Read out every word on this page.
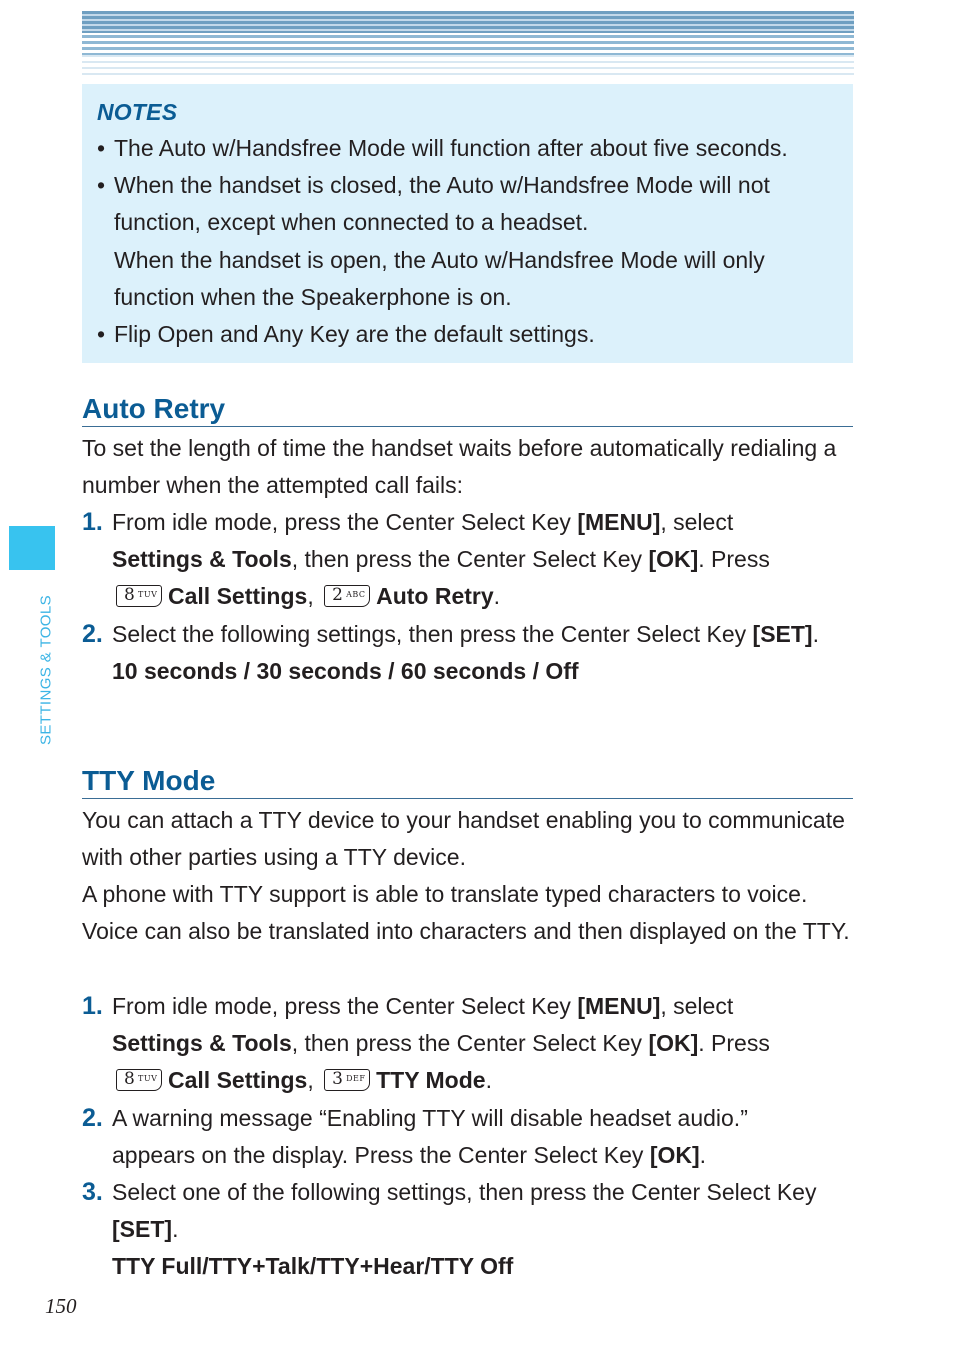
NOTES
• The Auto w/Handsfree Mode will function after about five seconds.
• When the handset is closed, the Auto w/Handsfree Mode will not function, except when connected to a headset.
When the handset is open, the Auto w/Handsfree Mode will only function when the Speakerphone is on.
• Flip Open and Any Key are the default settings.
SETTINGS & TOOLS
Auto Retry
To set the length of time the handset waits before automatically redialing a number when the attempted call fails:
1. From idle mode, press the Center Select Key [MENU], select
Settings & Tools, then press the Center Select Key [OK]. Press

8 TUV Call Settings, 2 ABC Auto Retry.
2. Select the following settings, then press the Center Select Key [SET].
10 seconds / 30 seconds / 60 seconds / Off
TTY Mode
You can attach a TTY device to your handset enabling you to communicate with other parties using a TTY device.
A phone with TTY support is able to translate typed characters to voice. Voice can also be translated into characters and then displayed on the TTY.
1. From idle mode, press the Center Select Key [MENU], select
Settings & Tools, then press the Center Select Key [OK]. Press

8 TUV Call Settings, 3 DEF TTY Mode.
2. A warning message “Enabling TTY will disable headset audio.” appears on the display. Press the Center Select Key [OK].
3. Select one of the following settings, then press the Center Select Key [SET].
TTY Full/TTY+Talk/TTY+Hear/TTY Off
150
